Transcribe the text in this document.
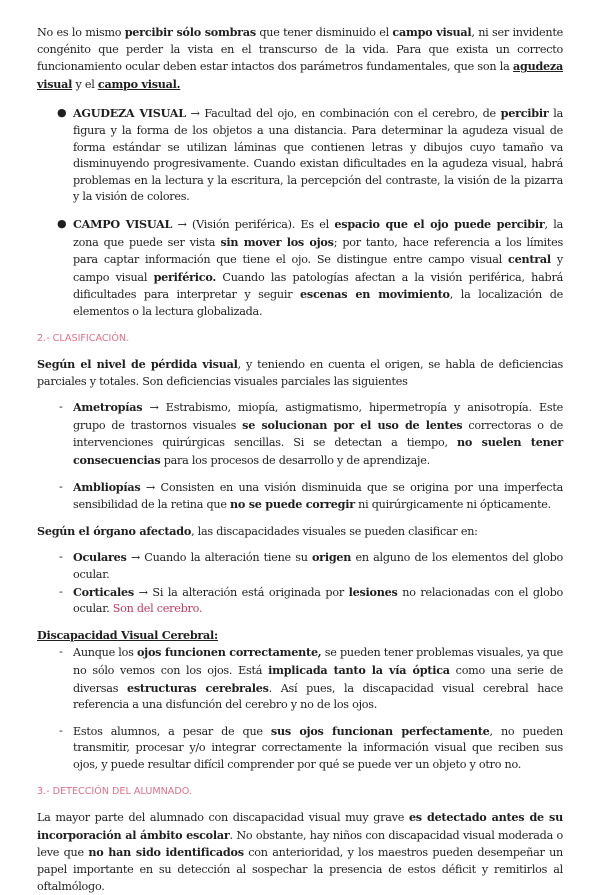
No es lo mismo percibir sólo sombras que tener disminuido el campo visual, ni ser invidente congénito que perder la vista en el transcurso de la vida. Para que exista un correcto funcionamiento ocular deben estar intactos dos parámetros fundamentales, que son la agudeza visual y el campo visual.

● AGUDEZA VISUAL → Facultad del ojo, en combinación con el cerebro, de percibir la figura y la forma de los objetos a una distancia. Para determinar la agudeza visual de forma estándar se utilizan láminas que contienen letras y dibujos cuyo tamaño va disminuyendo progresivamente. Cuando existan dificultades en la agudeza visual, habrá problemas en la lectura y la escritura, la percepción del contraste, la visión de la pizarra y la visión de colores.
● CAMPO VISUAL → (Visión periférica). Es el espacio que el ojo puede percibir, la zona que puede ser vista sin mover los ojos; por tanto, hace referencia a los límites para captar información que tiene el ojo. Se distingue entre campo visual central y campo visual periférico. Cuando las patologías afectan a la visión periférica, habrá dificultades para interpretar y seguir escenas en movimiento, la localización de elementos o la lectura globalizada.
2.- CLASIFICACIÓN.

Según el nivel de pérdida visual, y teniendo en cuenta el origen, se habla de deficiencias parciales y totales. Son deficiencias visuales parciales las siguientes

- Ametropías → Estrabismo, miopía, astigmatismo, hipermetropía y anisotropía. Este grupo de trastornos visuales se solucionan por el uso de lentes correctoras o de intervenciones quirúrgicas sencillas. Si se detectan a tiempo, no suelen tener consecuencias para los procesos de desarrollo y de aprendizaje.
- Ambliopías → Consisten en una visión disminuida que se origina por una imperfecta sensibilidad de la retina que no se puede corregir ni quirúrgicamente ni ópticamente.

Según el órgano afectado, las discapacidades visuales se pueden clasificar en:

- Oculares → Cuando la alteración tiene su origen en alguno de los elementos del globo ocular.
- Corticales → Si la alteración está originada por lesiones no relacionadas con el globo ocular. Son del cerebro.

Discapacidad Visual Cerebral:

- Aunque los ojos funcionen correctamente, se pueden tener problemas visuales, ya que no sólo vemos con los ojos. Está implicada tanto la vía óptica como una serie de diversas estructuras cerebrales. Así pues, la discapacidad visual cerebral hace referencia a una disfunción del cerebro y no de los ojos.
- Estos alumnos, a pesar de que sus ojos funcionan perfectamente, no pueden transmitir, procesar y/o integrar correctamente la información visual que reciben sus ojos, y puede resultar difícil comprender por qué se puede ver un objeto y otro no.
3.- DETECCIÓN DEL ALUMNADO.

La mayor parte del alumnado con discapacidad visual muy grave es detectado antes de su incorporación al ámbito escolar. No obstante, hay niños con discapacidad visual moderada o leve que no han sido identificados con anterioridad, y los maestros pueden desempeñar un papel importante en su detección al sospechar la presencia de estos déficit y remitirlos al oftalmólogo.
